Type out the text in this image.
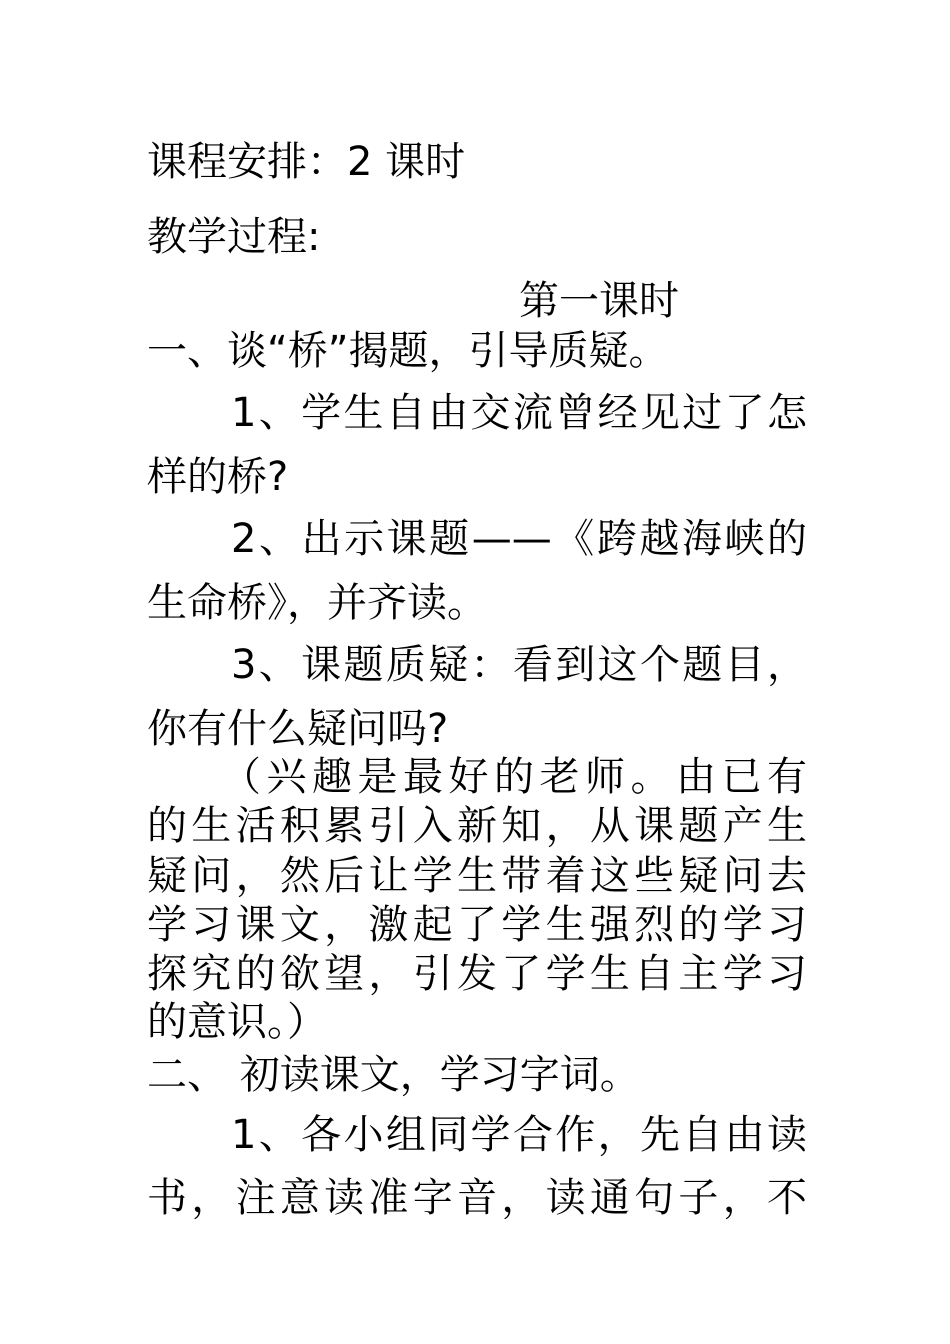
课程安排：2 课时

教学过程:

第一课时

一、谈“桥”揭题，引导质疑。

1、学生自由交流曾经见过了怎

样的桥?

2、出示课题——《跨越海峡的

生命桥》，并齐读。

3、课题质疑：看到这个题目，

你有什么疑问吗?

（兴趣是最好的老师。由已有

的生活积累引入新知，从课题产生

疑问，然后让学生带着这些疑问去

学习课文，激起了学生强烈的学习

探究的欲望，引发了学生自主学习

的意识。）

二、 初读课文，学习字词。

1、各小组同学合作，先自由读

书，注意读准字音，读通句子，不
